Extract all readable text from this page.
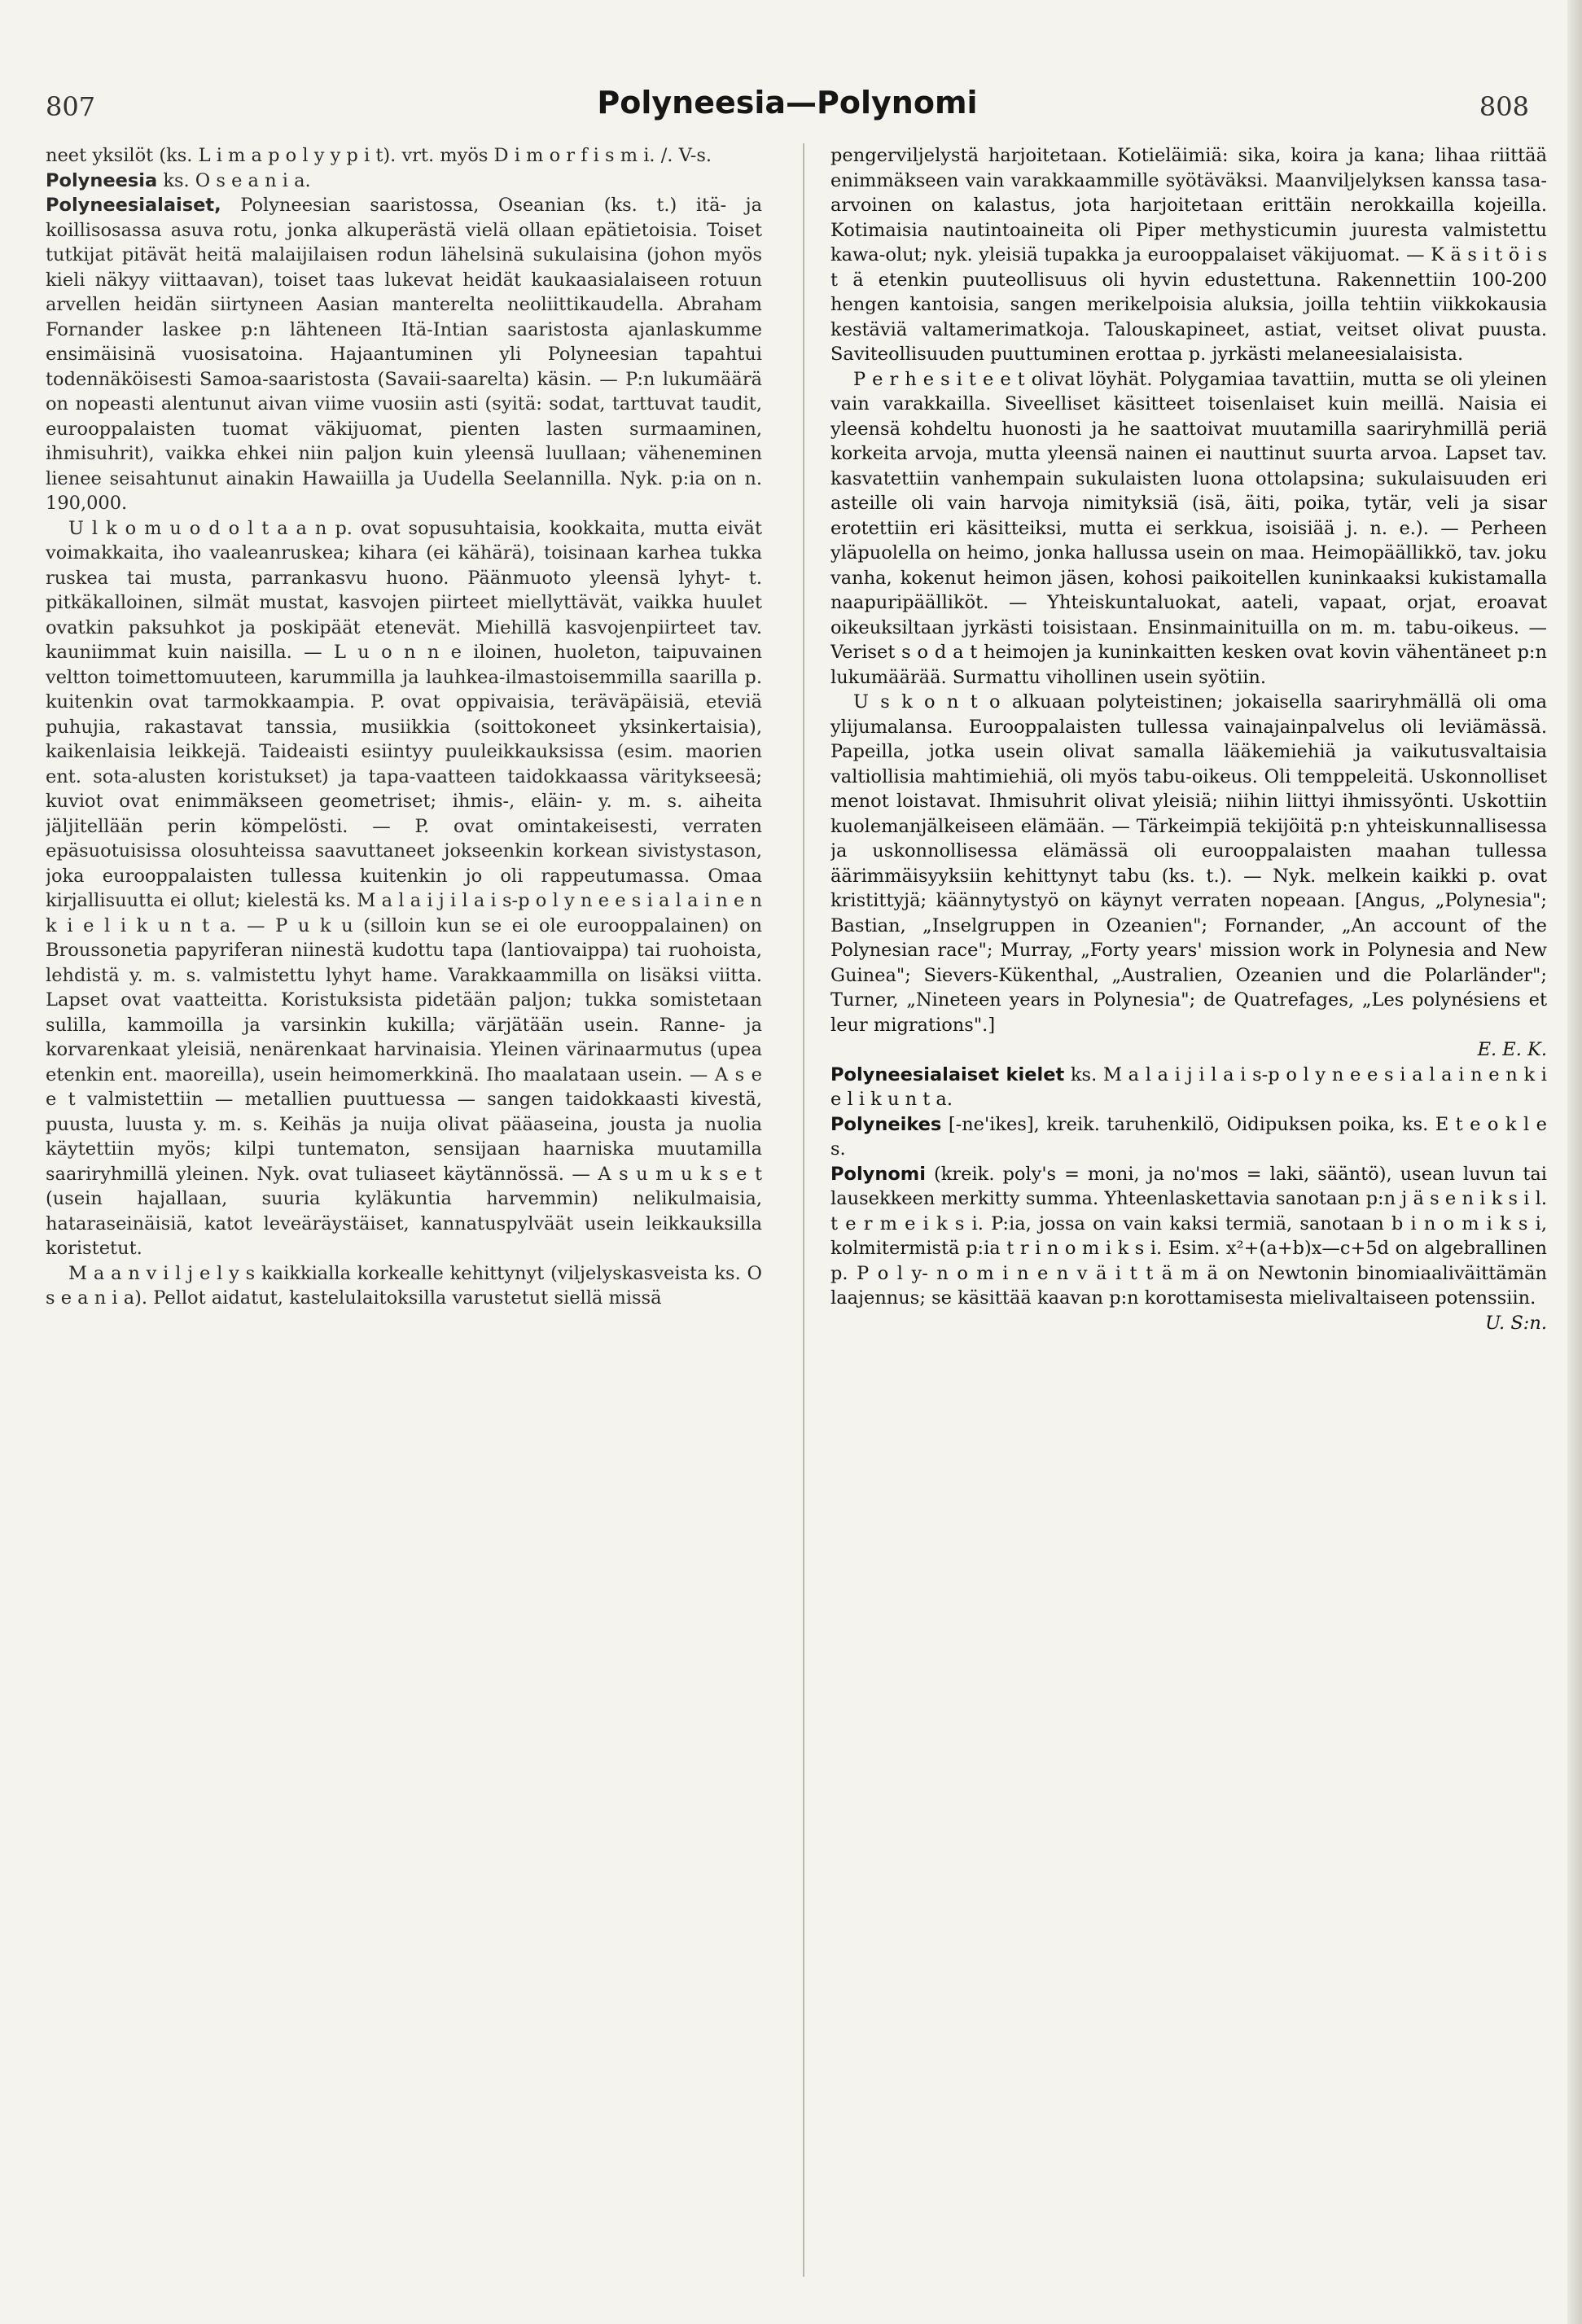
807	Polyneesia—Polynomi	808

neet yksilöt (ks. L i m a p o l y y p i t). vrt. myös D i m o r f i s m i. /. V-s.

Polyneesia ks. O s e a n i a.

Polyneesialaiset, Polyneesian saaristossa, Oseanian (ks. t.) itä- ja koillisosassa asuva rotu, jonka alkuperästä vielä ollaan epätietoisia. Toiset tutkijat pitävät heitä malaijilaisen rodun lähelsinä sukulaisina (johon myös kieli näkyy viittaavan), toiset taas lukevat heidät kaukaasialaiseen rotuun arvellen heidän siirtyneen Aasian manterelta neoliittikaudella. Abraham Fornander laskee p:n lähteneen Itä-Intian saaristosta ajanlaskumme ensimäisinä vuosisatoina. Hajaantuminen yli Polyneesian tapahtui todennäköisesti Samoa-saaristosta (Savaii-saarelta) käsin. — P:n lukumäärä on nopeasti alentunut aivan viime vuosiin asti (syitä: sodat, tarttuvat taudit, eurooppalaisten tuomat väkijuomat, pienten lasten surmaaminen, ihmisuhrit), vaikka ehkei niin paljon kuin yleensä luullaan; väheneminen lienee seisahtunut ainakin Hawaiilla ja Uudella Seelannilla. Nyk. p:ia on n. 190,000.

U l k o m u o d o l t a a n p. ovat sopusuhtaisia, kookkaita, mutta eivät voimakkaita, iho vaaleanruskea; kihara (ei kähärä), toisinaan karhea tukka ruskea tai musta, parrankasvu huono. Päänmuoto yleensä lyhyt- t. pitkäkalloinen, silmät mustat, kasvojen piirteet miellyttävät, vaikka huulet ovatkin paksuhkot ja poskipäät etenevät. Miehillä kasvojenpiirteet tav. kauniimmat kuin naisilla. — L u o n n e iloinen, huoleton, taipuvainen veltton toimettomuuteen, karummilla ja lauhkea-ilmastoisemmilla saarilla p. kuitenkin ovat tarmokkaampia. P. ovat oppivaisia, teräväpäisiä, eteviä puhujia, rakastavat tanssia, musiikkia (soittokoneet yksinkertaisia), kaikenlaisia leikkejä. Taideaisti esiintyy puuleikkauksissa (esim. maorien ent. sota-alusten koristukset) ja tapa-vaatteen taidokkaassa väritykseesä; kuviot ovat enimmäkseen geometriset; ihmis-, eläin- y. m. s. aiheita jäljitellään perin kömpelösti. — P. ovat omintakeisesti, verraten epäsuotuisissa olosuhteissa saavuttaneet jokseenkin korkean sivistystason, joka eurooppalaisten tullessa kuitenkin jo oli rappeutumassa. Omaa kirjallisuutta ei ollut; kielestä ks. M a l a i j i l a i s-p o l y n e e s i a l a i n e n k i e l i k u n t a. — P u k u (silloin kun se ei ole eurooppalainen) on Broussonetia papyriferan niinestä kudottu tapa (lantiovaippa) tai ruohoista, lehdistä y. m. s. valmistettu lyhyt hame. Varakkaammilla on lisäksi viitta. Lapset ovat vaatteitta. Koristuksista pidetään paljon; tukka somistetaan sulilla, kammoilla ja varsinkin kukilla; värjätään usein. Ranne- ja korvarenkaat yleisiä, nenärenkaat harvinaisia. Yleinen värinaarmutus (upea etenkin ent. maoreilla), usein heimomerkkinä. Iho maalataan usein. — A s e e t valmistettiin — metallien puuttuessa — sangen taidokkaasti kivestä, puusta, luusta y. m. s. Keihäs ja nuija olivat pääaseina, jousta ja nuolia käytettiin myös; kilpi tuntematon, sensijaan haarniska muutamilla saariryhmillä yleinen. Nyk. ovat tuliaseet käytännössä. — A s u m u k s e t (usein hajallaan, suuria kyläkuntia harvemmin) nelikulmaisia, hataraseinäisiä, katot leveäräystäiset, kannatuspylväät usein leikkauksilla koristetut.

M a a n v i l j e l y s kaikkialla korkealle kehittynyt (viljelyskasveista ks. O s e a n i a). Pellot aidatut, kastelulaitoksilla varustetut siellä missä

pengerviljelystä harjoitetaan. Kotieläimiä: sika, koira ja kana; lihaa riittää enimmäkseen vain varakkaammille syötäväksi. Maanviljelyksen kanssa tasa-arvoinen on kalastus, jota harjoitetaan erittäin nerokkailla kojeilla. Kotimaisia nautintoaineita oli Piper methysticumin juuresta valmistettu kawa-olut; nyk. yleisiä tupakka ja eurooppalaiset väkijuomat. — K ä s i t ö i s t ä etenkin puuteollisuus oli hyvin edustettuna. Rakennettiin 100-200 hengen kantoisia, sangen merikelpoisia aluksia, joilla tehtiin viikkokausia kestäviä valtamerimatkoja. Talouskapineet, astiat, veitset olivat puusta. Saviteollisuuden puuttuminen erottaa p. jyrkästi melaneesialaisista.

P e r h e s i t e e t olivat löyhät. Polygamiaa tavattiin, mutta se oli yleinen vain varakkailla. Siveelliset käsitteet toisenlaiset kuin meillä. Naisia ei yleensä kohdeltu huonosti ja he saattoivat muutamilla saariryhmillä periä korkeita arvoja, mutta yleensä nainen ei nauttinut suurta arvoa. Lapset tav. kasvatettiin vanhempain sukulaisten luona ottolapsina; sukulaisuuden eri asteille oli vain harvoja nimityksiä (isä, äiti, poika, tytär, veli ja sisar erotettiin eri käsitteiksi, mutta ei serkkua, isoisiää j. n. e.). — Perheen yläpuolella on heimo, jonka hallussa usein on maa. Heimopäällikkö, tav. joku vanha, kokenut heimon jäsen, kohosi paikoitellen kuninkaaksi kukistamalla naapuripäälliköt. — Yhteiskuntaluokat, aateli, vapaat, orjat, eroavat oikeuksiltaan jyrkästi toisistaan. Ensinmainituilla on m. m. tabu-oikeus. — Veriset s o d a t heimojen ja kuninkaitten kesken ovat kovin vähentäneet p:n lukumäärää. Surmattu vihollinen usein syötiin.

U s k o n t o alkuaan polyteistinen; jokaisella saariryhmällä oli oma ylijumalansa. Eurooppalaisten tullessa vainajainpalvelus oli leviämässä. Papeilla, jotka usein olivat samalla lääkemiehiä ja vaikutusvaltaisia valtiollisia mahtimiehiä, oli myös tabu-oikeus. Oli temppeleitä. Uskonnolliset menot loistavat. Ihmisuhrit olivat yleisiä; niihin liittyi ihmissyönti. Uskottiin kuolemanjälkeiseen elämään. — Tärkeimpiä tekijöitä p:n yhteiskunnallisessa ja uskonnollisessa elämässä oli eurooppalaisten maahan tullessa äärimmäisyyksiin kehittynyt tabu (ks. t.). — Nyk. melkein kaikki p. ovat kristittyjä; käännytystyö on käynyt verraten nopeaan. [Angus, „Polynesia"; Bastian, „Inselgruppen in Ozeanien"; Fornander, „An account of the Polynesian race"; Murray, „Forty years' mission work in Polynesia and New Guinea"; Sievers-Kükenthal, „Australien, Ozeanien und die Polarländer"; Turner, „Nineteen years in Polynesia"; de Quatrefages, „Les polynésiens et leur migrations".]
E. E. K.

Polyneesialaiset kielet ks. M a l a i j i l a i s-p o l y n e e s i a l a i n e n k i e l i k u n t a.

Polyneikes [-ne'ikes], kreik. taruhenkilö, Oidipuksen poika, ks. E t e o k l e s.

Polynomi (kreik. poly's = moni, ja no'mos = laki, sääntö), usean luvun tai lausekkeen merkitty summa. Yhteenlaskettavia sanotaan p:n j ä s e n i k s i l. t e r m e i k s i. P:ia, jossa on vain kaksi termiä, sanotaan b i n o m i k s i, kolmitermistä p:ia t r i n o m i k s i. Esim. x²+(a+b)x—c+5d on algebrallinen p. P o l y- n o m i n e n v ä i t t ä m ä on Newtonin binomiaaliväittämän laajennus; se käsittää kaavan p:n korottamisesta mielivaltaiseen potenssiin.
U. S:n.
